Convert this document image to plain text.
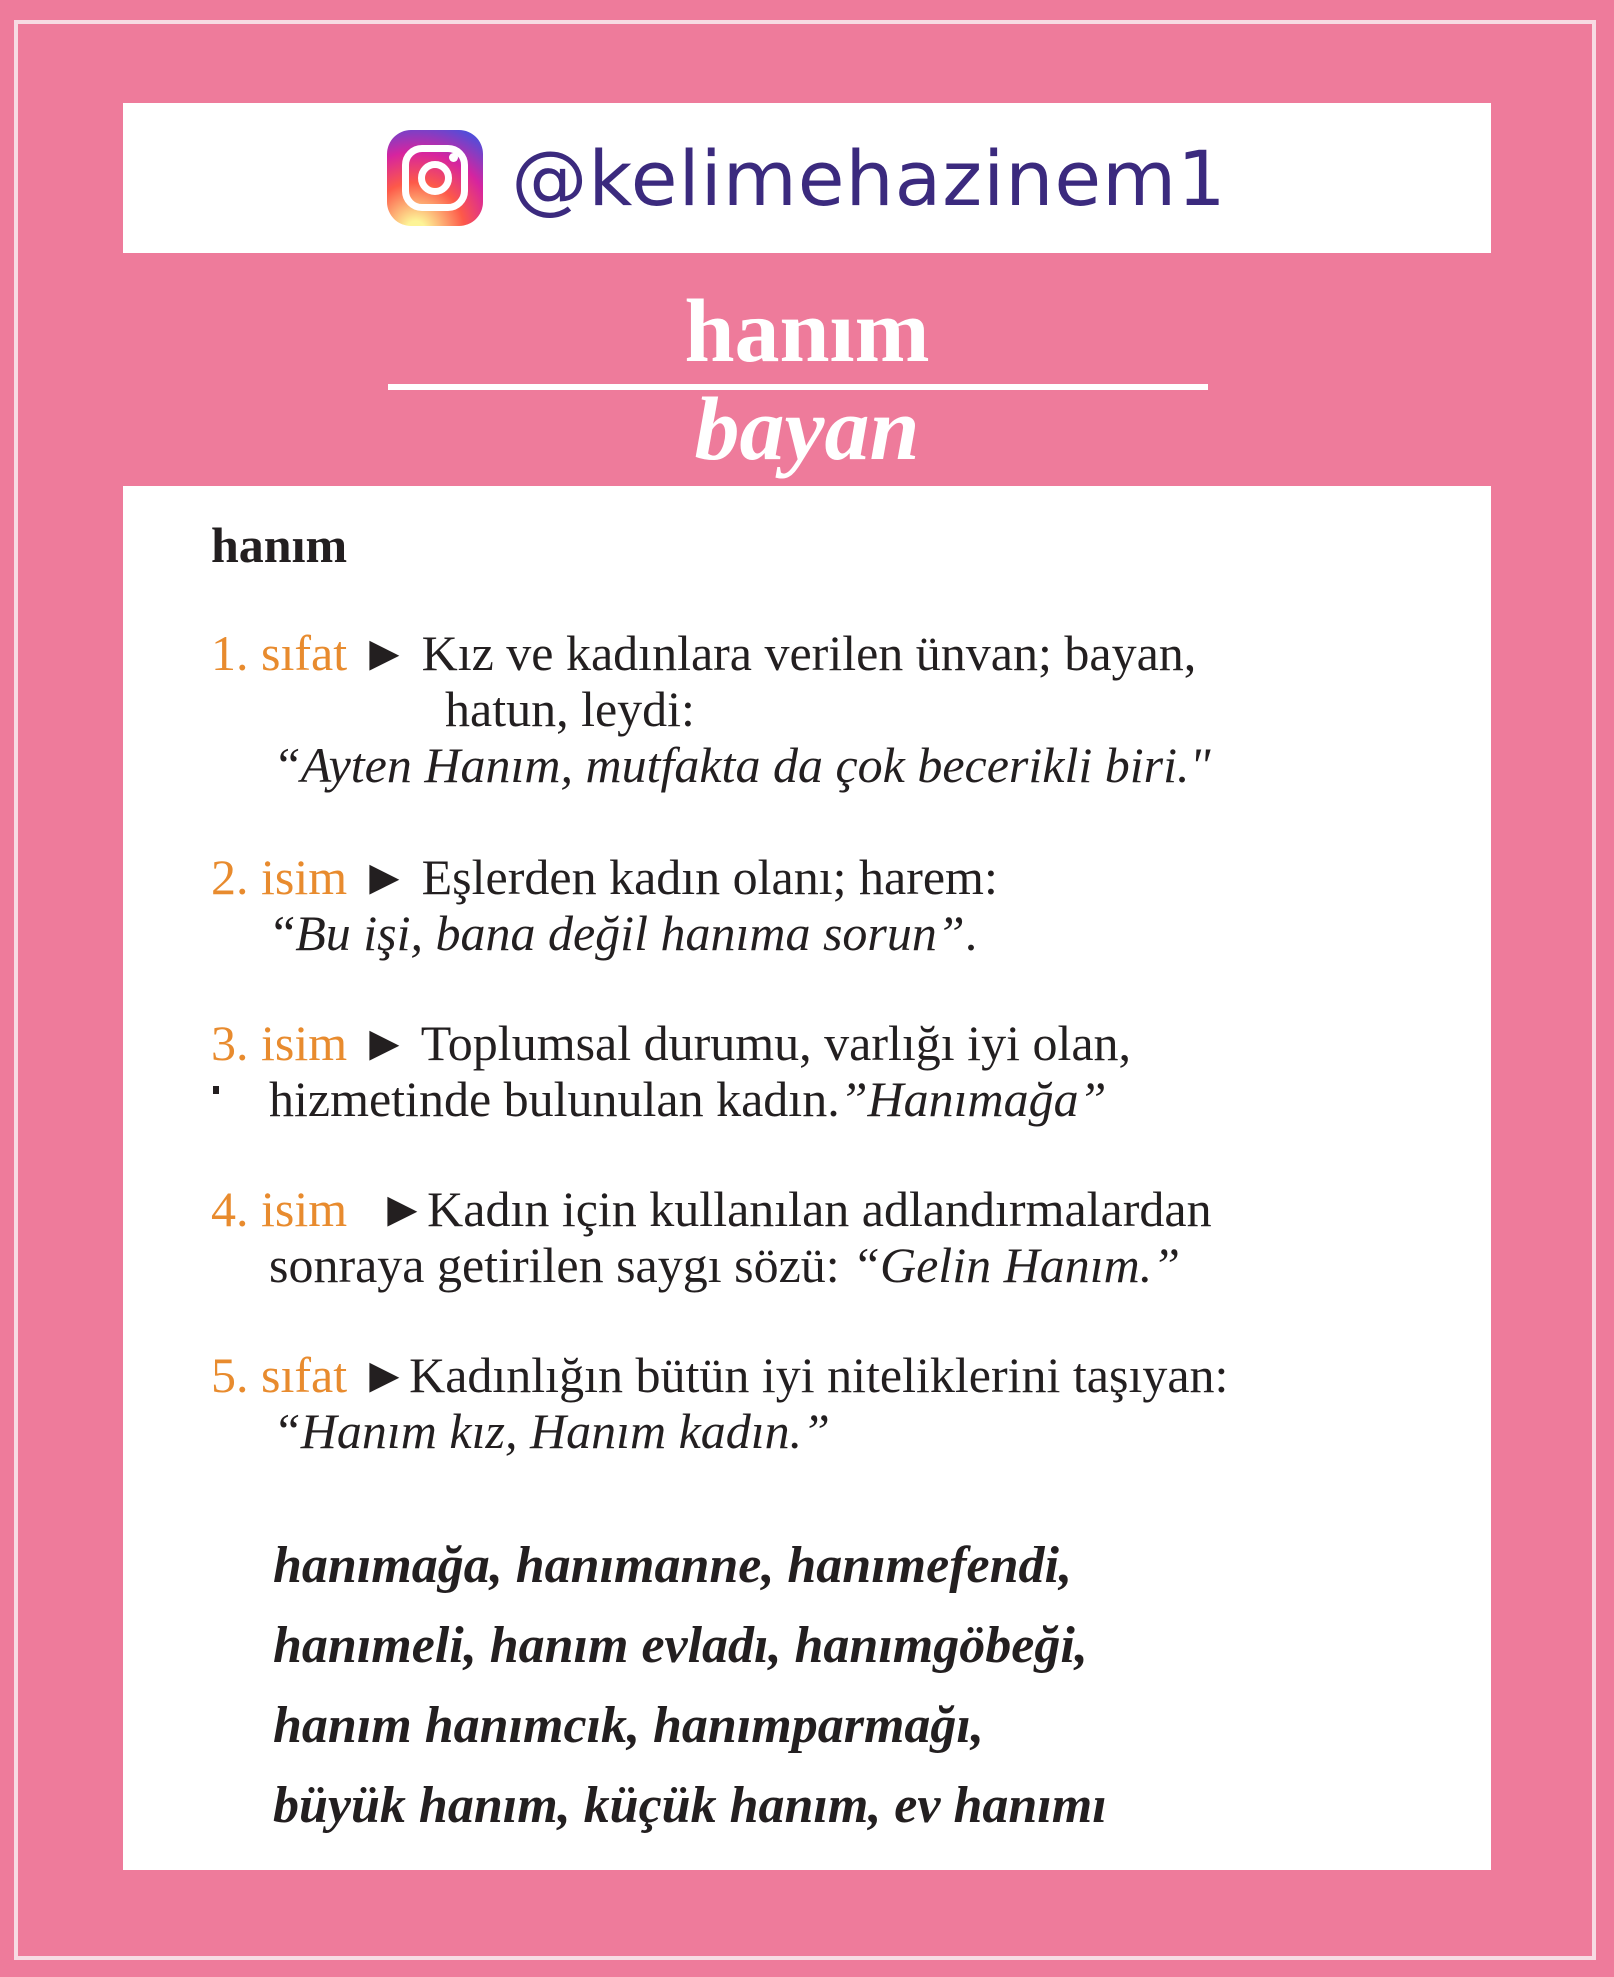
@kelimehazinem1
hanım
bayan
hanım
1. sıfat ► Kız ve kadınlara verilen ünvan; bayan,
hatun, leydi:
“Ayten Hanım, mutfakta da çok becerikli biri."
2. isim ► Eşlerden kadın olanı; harem:
“Bu işi, bana değil hanıma sorun”.
3. isim ► Toplumsal durumu, varlığı iyi olan,
hizmetinde bulunulan kadın.”Hanımağa”
4. isim ►Kadın için kullanılan adlandırmalardan
sonraya getirilen saygı sözü: “Gelin Hanım.”
5. sıfat ►Kadınlığın bütün iyi niteliklerini taşıyan:
“Hanım kız, Hanım kadın.”
hanımağa, hanımanne, hanımefendi,
hanımeli, hanım evladı, hanımgöbeği,
hanım hanımcık, hanımparmağı,
büyük hanım, küçük hanım, ev hanımı
